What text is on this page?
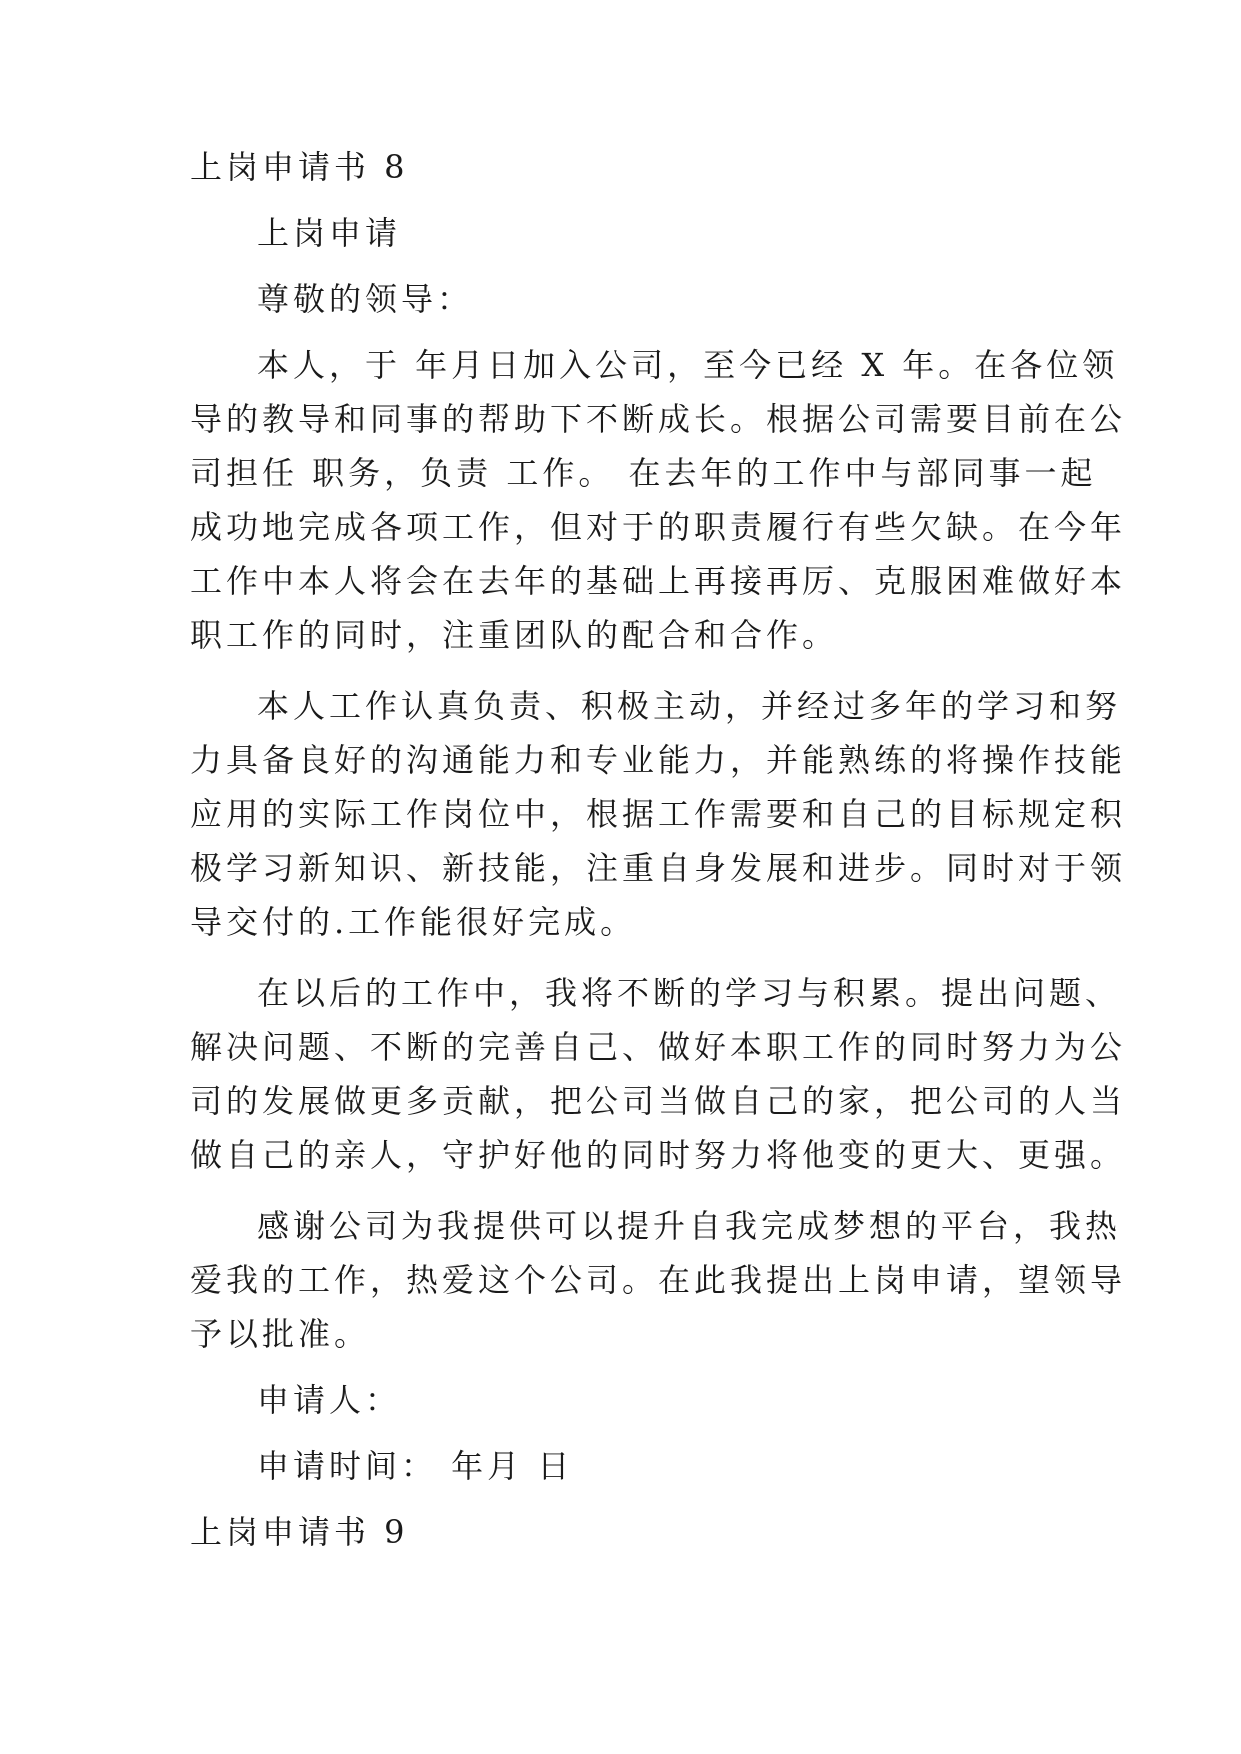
上岗申请书 8
上岗申请
尊敬的领导：
本人，于 年月日加入公司，至今已经 X 年。在各位领
导的教导和同事的帮助下不断成长。根据公司需要目前在公
司担任 职务，负责 工作。 在去年的工作中与部同事一起
成功地完成各项工作，但对于的职责履行有些欠缺。在今年
工作中本人将会在去年的基础上再接再厉、克服困难做好本
职工作的同时，注重团队的配合和合作。
本人工作认真负责、积极主动，并经过多年的学习和努
力具备良好的沟通能力和专业能力，并能熟练的将操作技能
应用的实际工作岗位中，根据工作需要和自己的目标规定积
极学习新知识、新技能，注重自身发展和进步。同时对于领
导交付的.工作能很好完成。
在以后的工作中，我将不断的学习与积累。提出问题、
解决问题、不断的完善自己、做好本职工作的同时努力为公
司的发展做更多贡献，把公司当做自己的家，把公司的人当
做自己的亲人，守护好他的同时努力将他变的更大、更强。
感谢公司为我提供可以提升自我完成梦想的平台，我热
爱我的工作，热爱这个公司。在此我提出上岗申请，望领导
予以批准。
申请人：
申请时间： 年月 日
上岗申请书 9
